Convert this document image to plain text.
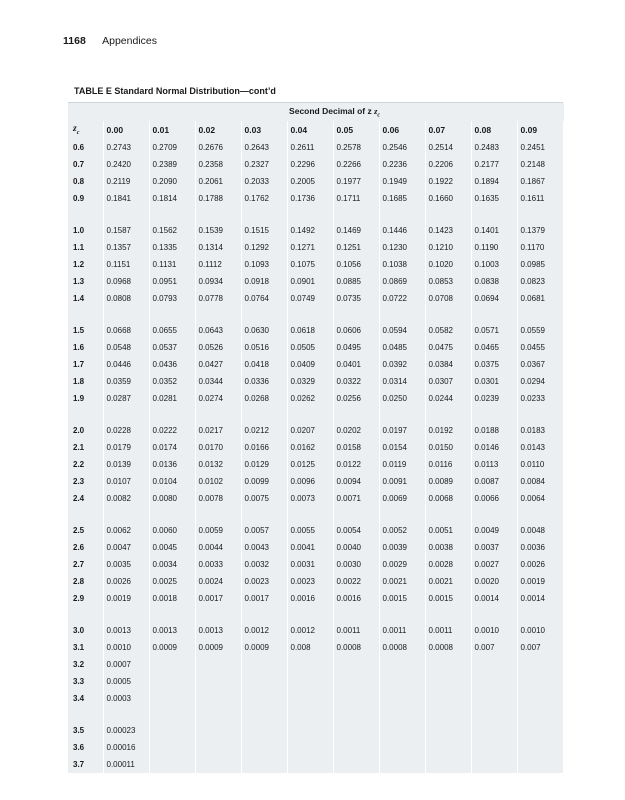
1168 Appendices
TABLE E Standard Normal Distribution—cont’d
	Second Decimal of z $z_c$
$z_c$	0.00	0.01	0.02	0.03	0.04	0.05	0.06	0.07	0.08	0.09
0.6	0.2743	0.2709	0.2676	0.2643	0.2611	0.2578	0.2546	0.2514	0.2483	0.2451
0.7	0.2420	0.2389	0.2358	0.2327	0.2296	0.2266	0.2236	0.2206	0.2177	0.2148
0.8	0.2119	0.2090	0.2061	0.2033	0.2005	0.1977	0.1949	0.1922	0.1894	0.1867
0.9	0.1841	0.1814	0.1788	0.1762	0.1736	0.1711	0.1685	0.1660	0.1635	0.1611

1.0	0.1587	0.1562	0.1539	0.1515	0.1492	0.1469	0.1446	0.1423	0.1401	0.1379
1.1	0.1357	0.1335	0.1314	0.1292	0.1271	0.1251	0.1230	0.1210	0.1190	0.1170
1.2	0.1151	0.1131	0.1112	0.1093	0.1075	0.1056	0.1038	0.1020	0.1003	0.0985
1.3	0.0968	0.0951	0.0934	0.0918	0.0901	0.0885	0.0869	0.0853	0.0838	0.0823
1.4	0.0808	0.0793	0.0778	0.0764	0.0749	0.0735	0.0722	0.0708	0.0694	0.0681

1.5	0.0668	0.0655	0.0643	0.0630	0.0618	0.0606	0.0594	0.0582	0.0571	0.0559
1.6	0.0548	0.0537	0.0526	0.0516	0.0505	0.0495	0.0485	0.0475	0.0465	0.0455
1.7	0.0446	0.0436	0.0427	0.0418	0.0409	0.0401	0.0392	0.0384	0.0375	0.0367
1.8	0.0359	0.0352	0.0344	0.0336	0.0329	0.0322	0.0314	0.0307	0.0301	0.0294
1.9	0.0287	0.0281	0.0274	0.0268	0.0262	0.0256	0.0250	0.0244	0.0239	0.0233

2.0	0.0228	0.0222	0.0217	0.0212	0.0207	0.0202	0.0197	0.0192	0.0188	0.0183
2.1	0.0179	0.0174	0.0170	0.0166	0.0162	0.0158	0.0154	0.0150	0.0146	0.0143
2.2	0.0139	0.0136	0.0132	0.0129	0.0125	0.0122	0.0119	0.0116	0.0113	0.0110
2.3	0.0107	0.0104	0.0102	0.0099	0.0096	0.0094	0.0091	0.0089	0.0087	0.0084
2.4	0.0082	0.0080	0.0078	0.0075	0.0073	0.0071	0.0069	0.0068	0.0066	0.0064

2.5	0.0062	0.0060	0.0059	0.0057	0.0055	0.0054	0.0052	0.0051	0.0049	0.0048
2.6	0.0047	0.0045	0.0044	0.0043	0.0041	0.0040	0.0039	0.0038	0.0037	0.0036
2.7	0.0035	0.0034	0.0033	0.0032	0.0031	0.0030	0.0029	0.0028	0.0027	0.0026
2.8	0.0026	0.0025	0.0024	0.0023	0.0023	0.0022	0.0021	0.0021	0.0020	0.0019
2.9	0.0019	0.0018	0.0017	0.0017	0.0016	0.0016	0.0015	0.0015	0.0014	0.0014

3.0	0.0013	0.0013	0.0013	0.0012	0.0012	0.0011	0.0011	0.0011	0.0010	0.0010
3.1	0.0010	0.0009	0.0009	0.0009	0.008	0.0008	0.0008	0.0008	0.007	0.007
3.2	0.0007									
3.3	0.0005									
3.4	0.0003									

3.5	0.00023									
3.6	0.00016									
3.7	0.00011									
